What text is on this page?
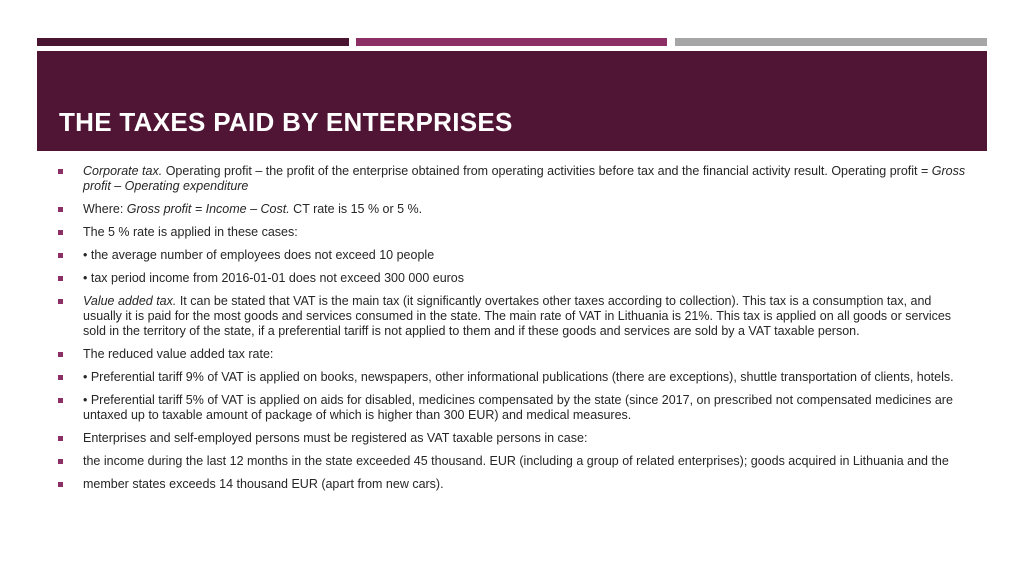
THE TAXES PAID BY ENTERPRISES
Corporate tax. Operating profit – the profit of the enterprise obtained from operating activities before tax and the financial activity result. Operating profit = Gross profit – Operating expenditure
Where: Gross profit = Income – Cost. CT rate is 15 % or 5 %.
The 5 % rate is applied in these cases:
• the average number of employees does not exceed 10 people
• tax period income from 2016-01-01 does not exceed 300 000 euros
Value added tax. It can be stated that VAT is the main tax (it significantly overtakes other taxes according to collection). This tax is a consumption tax, and usually it is paid for the most goods and services consumed in the state. The main rate of VAT in Lithuania is 21%. This tax is applied on all goods or services sold in the territory of the state, if a preferential tariff is not applied to them and if these goods and services are sold by a VAT taxable person.
The reduced value added tax rate:
• Preferential tariff 9% of VAT is applied on books, newspapers, other informational publications (there are exceptions), shuttle transportation of clients, hotels.
• Preferential tariff 5% of VAT is applied on aids for disabled, medicines compensated by the state (since 2017, on prescribed not compensated medicines are untaxed up to taxable amount of package of which is higher than 300 EUR) and medical measures.
Enterprises and self-employed persons must be registered as VAT taxable persons in case:
the income during the last 12 months in the state exceeded 45 thousand. EUR (including a group of related enterprises); goods acquired in Lithuania and the
member states exceeds 14 thousand EUR (apart from new cars).
